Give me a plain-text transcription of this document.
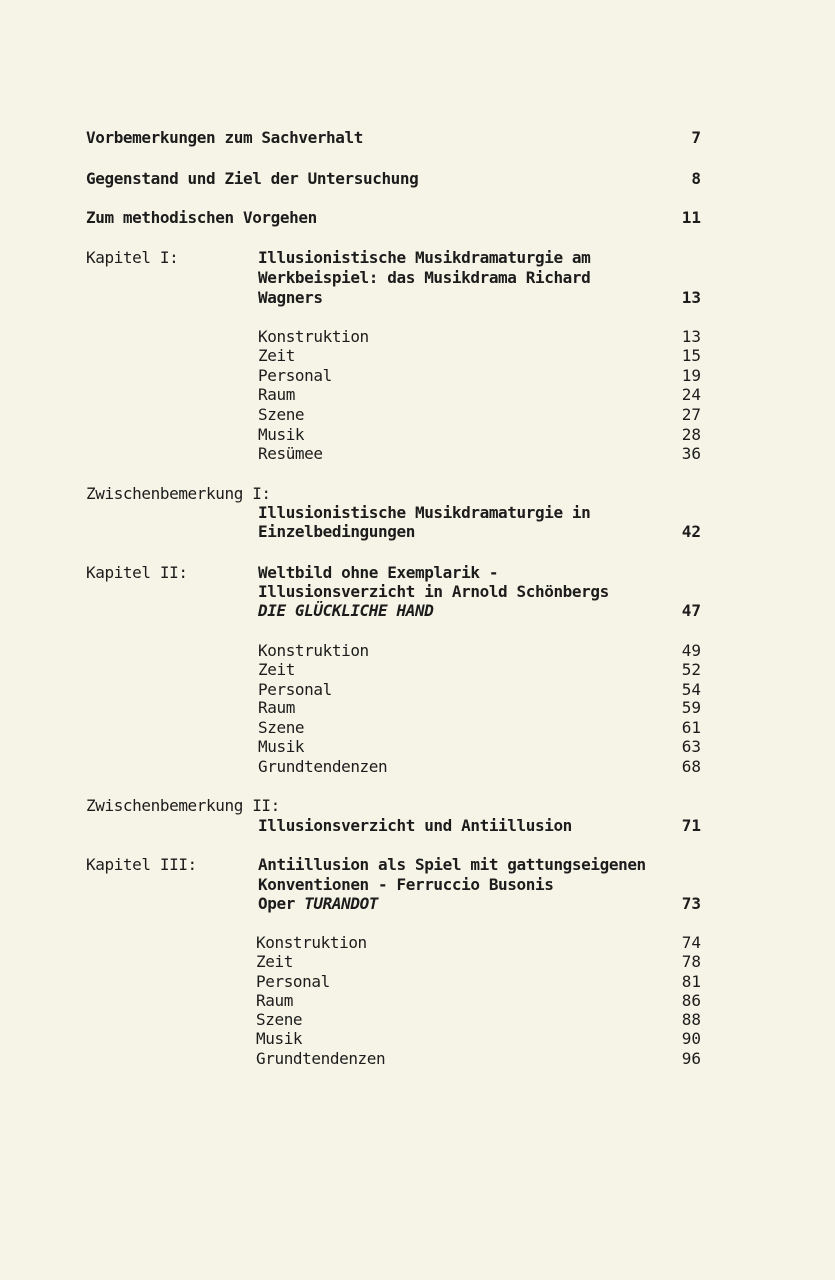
Vorbemerkungen zum Sachverhalt	7
Gegenstand und Ziel der Untersuchung	8
Zum methodischen Vorgehen	11
Kapitel I:	Illusionistische Musikdramaturgie am
Werkbeispiel: das Musikdrama Richard
Wagners	13
Konstruktion	13
Zeit	15
Personal	19
Raum	24
Szene	27
Musik	28
Resümee	36
Zwischenbemerkung I:
Illusionistische Musikdramaturgie in
Einzelbedingungen	42
Kapitel II:	Weltbild ohne Exemplarik -
Illusionsverzicht in Arnold Schönbergs
DIE GLÜCKLICHE HAND	47
Konstruktion	49
Zeit	52
Personal	54
Raum	59
Szene	61
Musik	63
Grundtendenzen	68
Zwischenbemerkung II:
Illusionsverzicht und Antiillusion	71
Kapitel III:	Antiillusion als Spiel mit gattungseigenen
Konventionen - Ferruccio Busonis
Oper TURANDOT	73
Konstruktion	74
Zeit	78
Personal	81
Raum	86
Szene	88
Musik	90
Grundtendenzen	96
